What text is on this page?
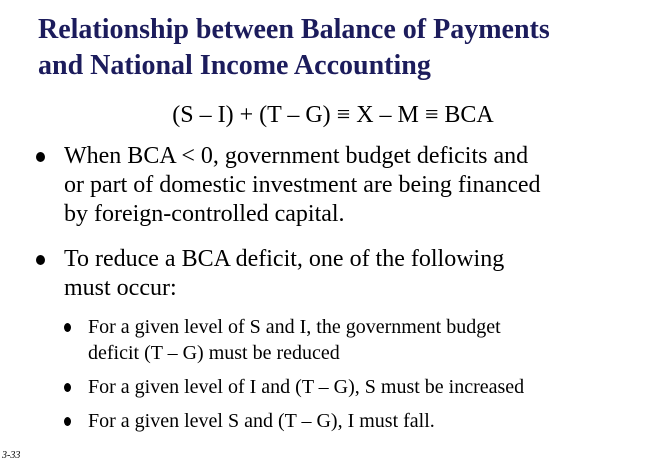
Relationship between Balance of Payments
and National Income Accounting
(S – I) + (T – G) ≡ X – M ≡ BCA
When BCA < 0, government budget deficits and
or part of domestic investment are being financed
by foreign-controlled capital.
To reduce a BCA deficit, one of the following
must occur:
For a given level of S and I, the government budget
deficit (T – G) must be reduced
For a given level of I and (T – G), S must be increased
For a given level S and (T – G), I must fall.
3-33
